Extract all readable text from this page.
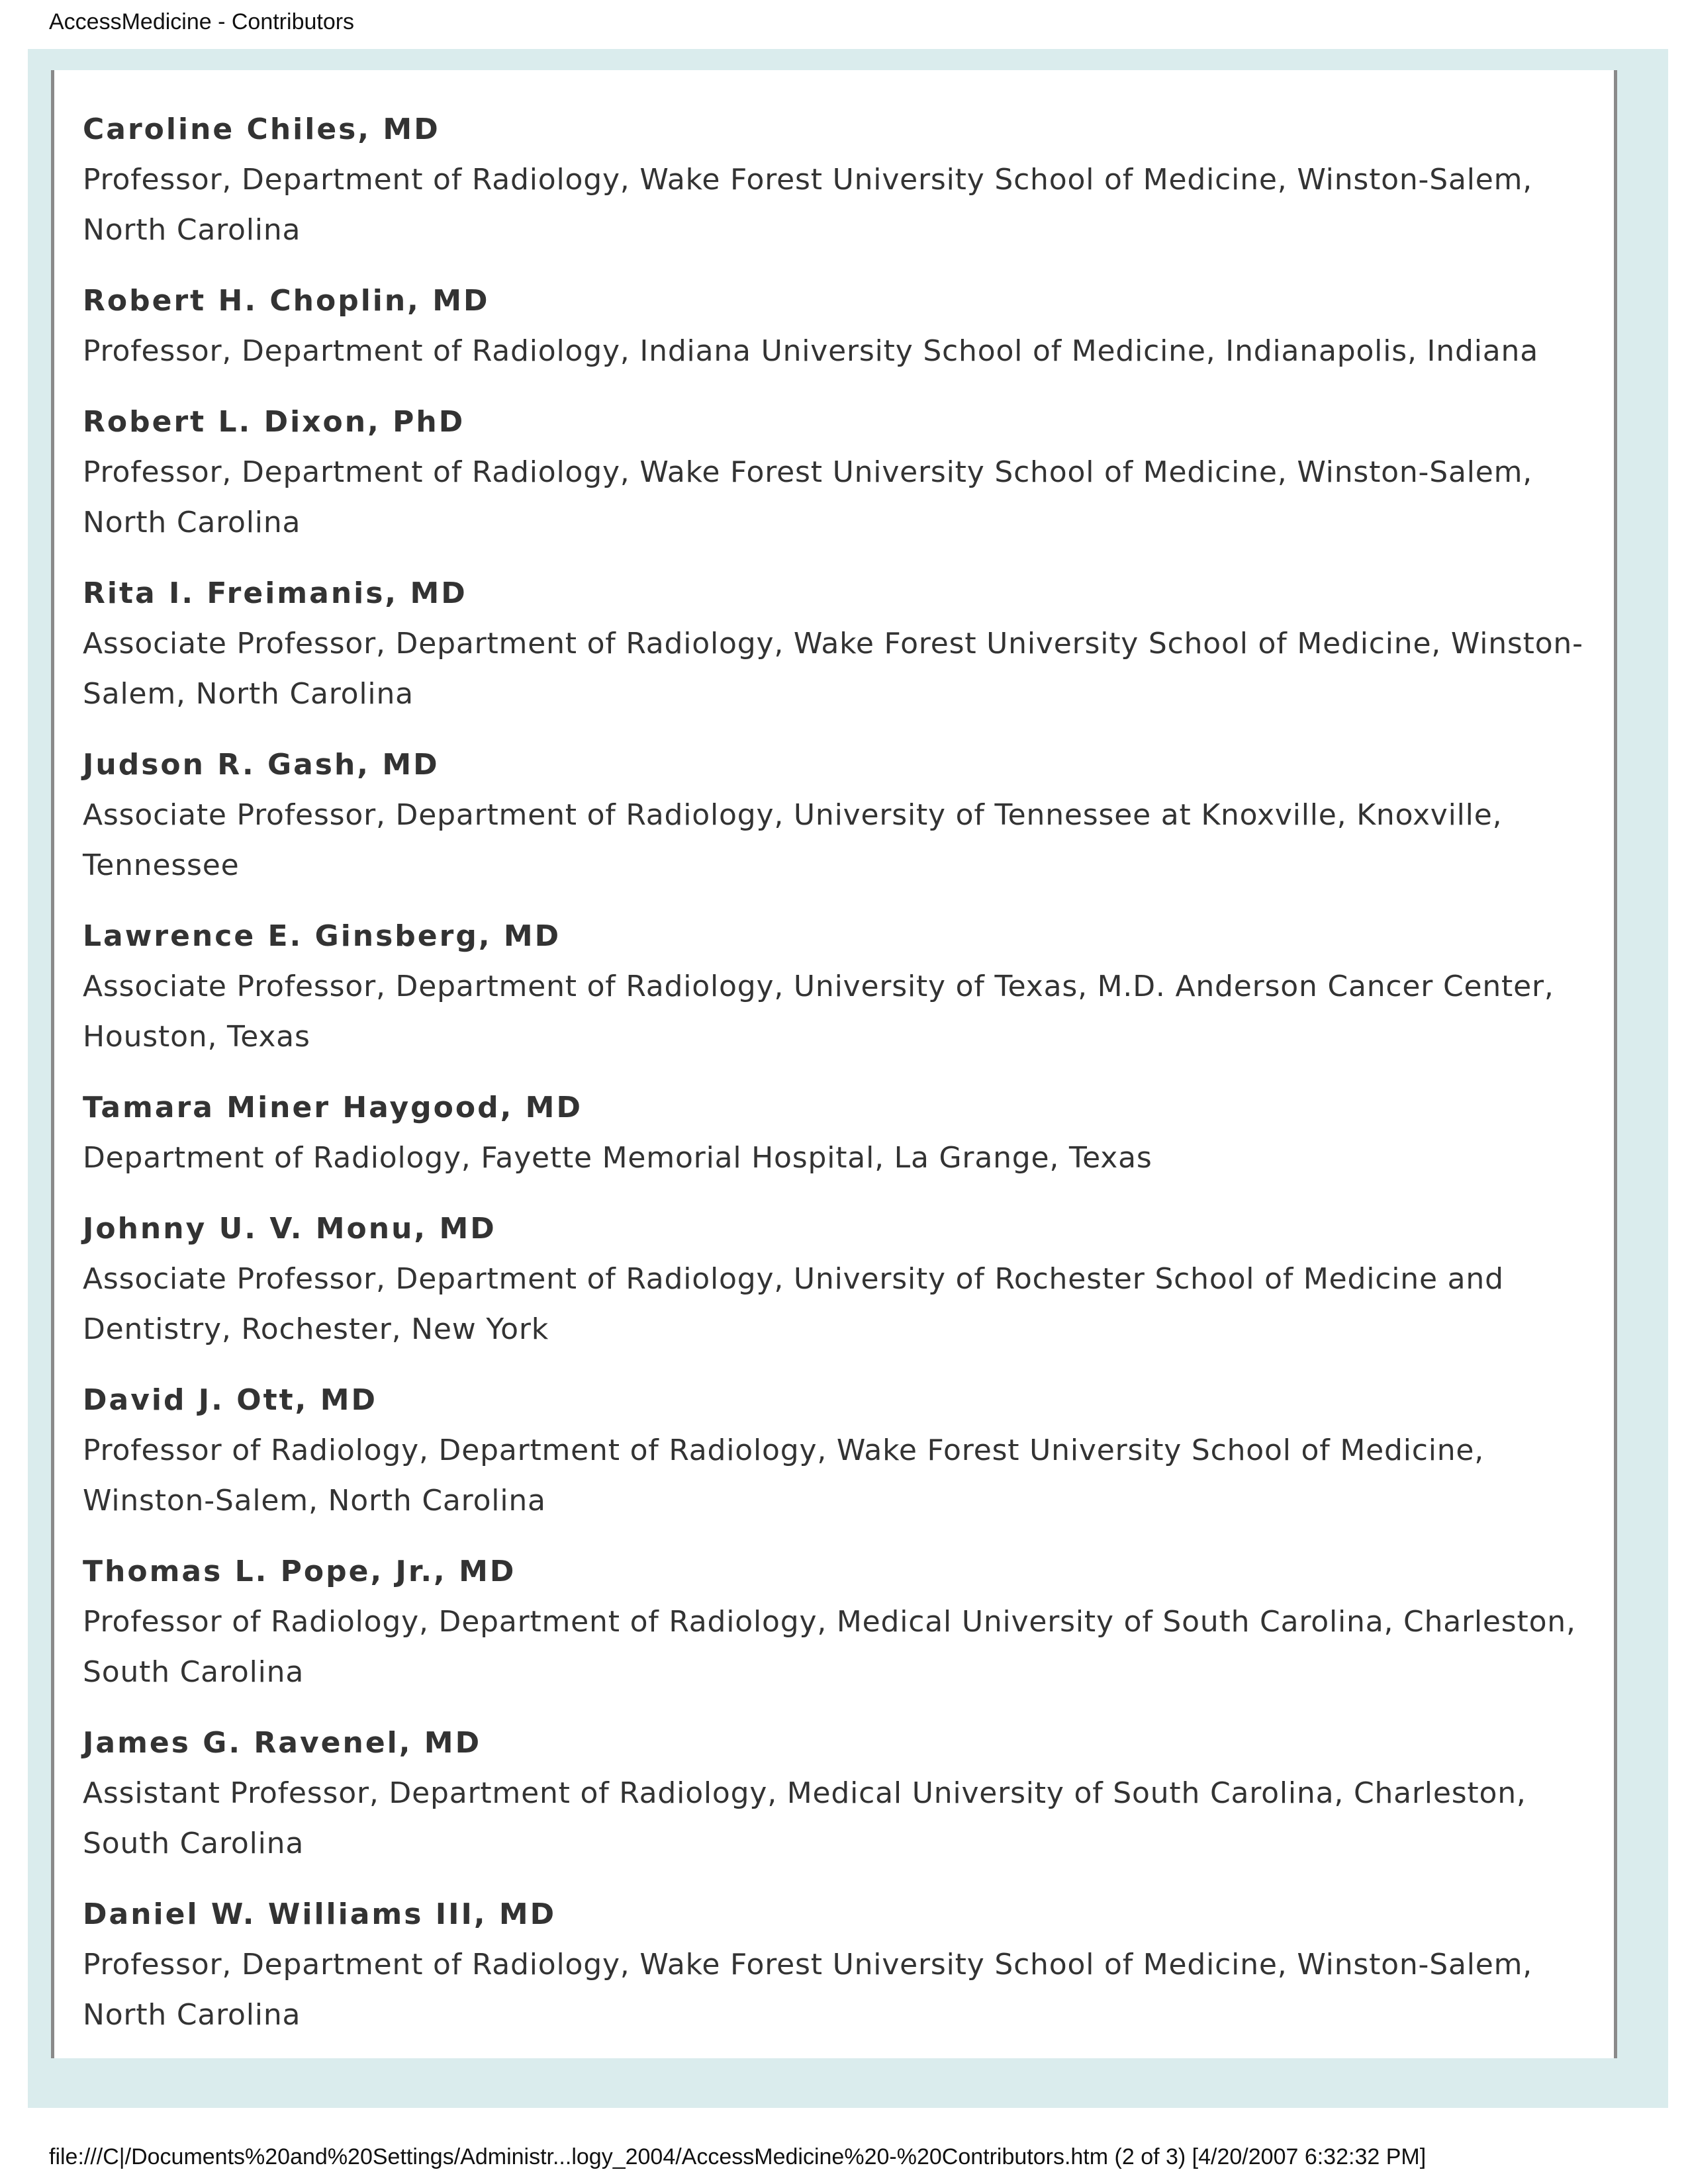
AccessMedicine - Contributors
Caroline Chiles, MD
Professor, Department of Radiology, Wake Forest University School of Medicine, Winston-Salem, North Carolina
Robert H. Choplin, MD
Professor, Department of Radiology, Indiana University School of Medicine, Indianapolis, Indiana
Robert L. Dixon, PhD
Professor, Department of Radiology, Wake Forest University School of Medicine, Winston-Salem, North Carolina
Rita I. Freimanis, MD
Associate Professor, Department of Radiology, Wake Forest University School of Medicine, Winston-Salem, North Carolina
Judson R. Gash, MD
Associate Professor, Department of Radiology, University of Tennessee at Knoxville, Knoxville, Tennessee
Lawrence E. Ginsberg, MD
Associate Professor, Department of Radiology, University of Texas, M.D. Anderson Cancer Center, Houston, Texas
Tamara Miner Haygood, MD
Department of Radiology, Fayette Memorial Hospital, La Grange, Texas
Johnny U. V. Monu, MD
Associate Professor, Department of Radiology, University of Rochester School of Medicine and Dentistry, Rochester, New York
David J. Ott, MD
Professor of Radiology, Department of Radiology, Wake Forest University School of Medicine, Winston-Salem, North Carolina
Thomas L. Pope, Jr., MD
Professor of Radiology, Department of Radiology, Medical University of South Carolina, Charleston, South Carolina
James G. Ravenel, MD
Assistant Professor, Department of Radiology, Medical University of South Carolina, Charleston, South Carolina
Daniel W. Williams III, MD
Professor, Department of Radiology, Wake Forest University School of Medicine, Winston-Salem, North Carolina
file:///C|/Documents%20and%20Settings/Administr...logy_2004/AccessMedicine%20-%20Contributors.htm (2 of 3) [4/20/2007 6:32:32 PM]
